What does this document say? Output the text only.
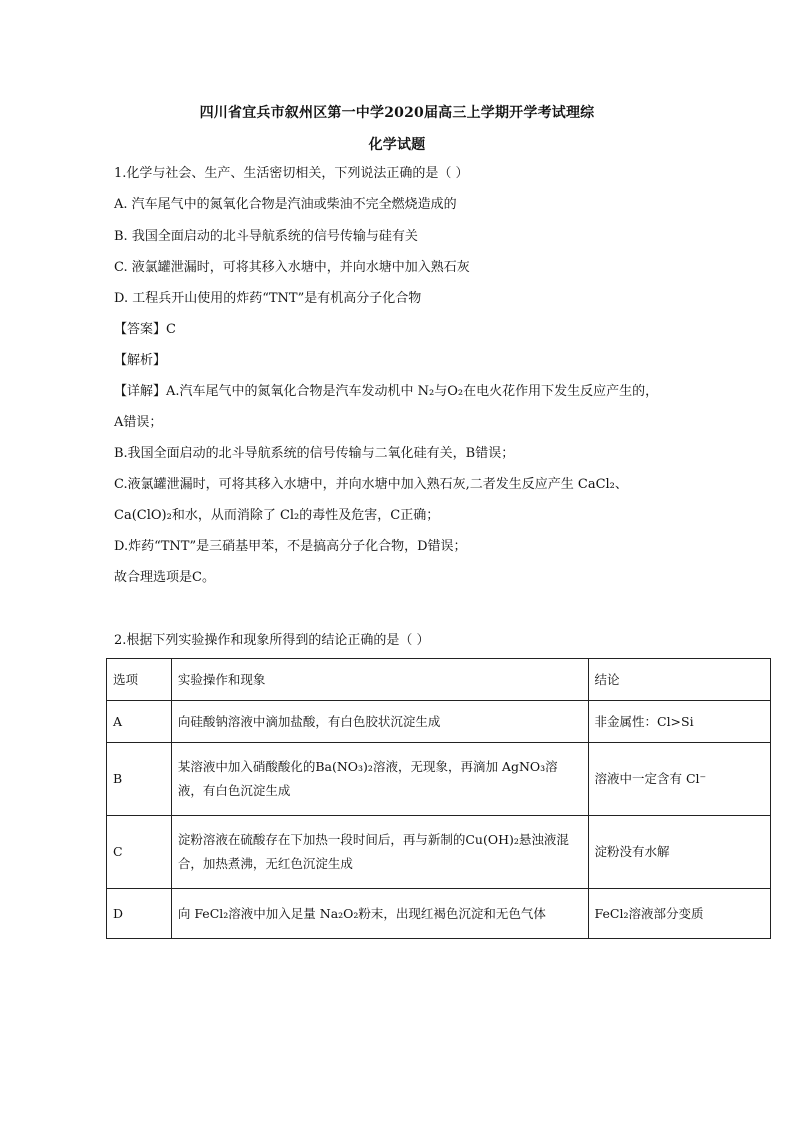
四川省宜兵市叙州区第一中学2020届高三上学期开学考试理综
化学试题
1.化学与社会、生产、生活密切相关，下列说法正确的是（ ）
A. 汽车尾气中的氮氧化合物是汽油或柴油不完全燃烧造成的
B. 我国全面启动的北斗导航系统的信号传输与硅有关
C. 液氯罐泄漏时，可将其移入水塘中，并向水塘中加入熟石灰
D. 工程兵开山使用的炸药“TNT”是有机高分子化合物
【答案】C
【解析】
【详解】A.汽车尾气中的氮氧化合物是汽车发动机中 N₂与O₂在电火花作用下发生反应产生的，
A错误；
B.我国全面启动的北斗导航系统的信号传输与二氧化硅有关，B错误；
C.液氯罐泄漏时，可将其移入水塘中，并向水塘中加入熟石灰,二者发生反应产生 CaCl₂、
Ca(ClO)₂和水，从而消除了 Cl₂的毒性及危害，C正确；
D.炸药“TNT”是三硝基甲苯，不是搞高分子化合物，D错误；
故合理选项是C。
2.根据下列实验操作和现象所得到的结论正确的是（ ）
选项	实验操作和现象	结论
A	向硅酸钠溶液中滴加盐酸，有白色胶状沉淀生成	非金属性：Cl>Si
B	某溶液中加入硝酸酸化的Ba(NO₃)₂溶液，无现象，再滴加 AgNO₃溶液，有白色沉淀生成	溶液中一定含有 Cl⁻
C	淀粉溶液在硫酸存在下加热一段时间后，再与新制的Cu(OH)₂悬浊液混合，加热煮沸，无红色沉淀生成	淀粉没有水解
D	向 FeCl₂溶液中加入足量 Na₂O₂粉末，出现红褐色沉淀和无色气体	FeCl₂溶液部分变质
